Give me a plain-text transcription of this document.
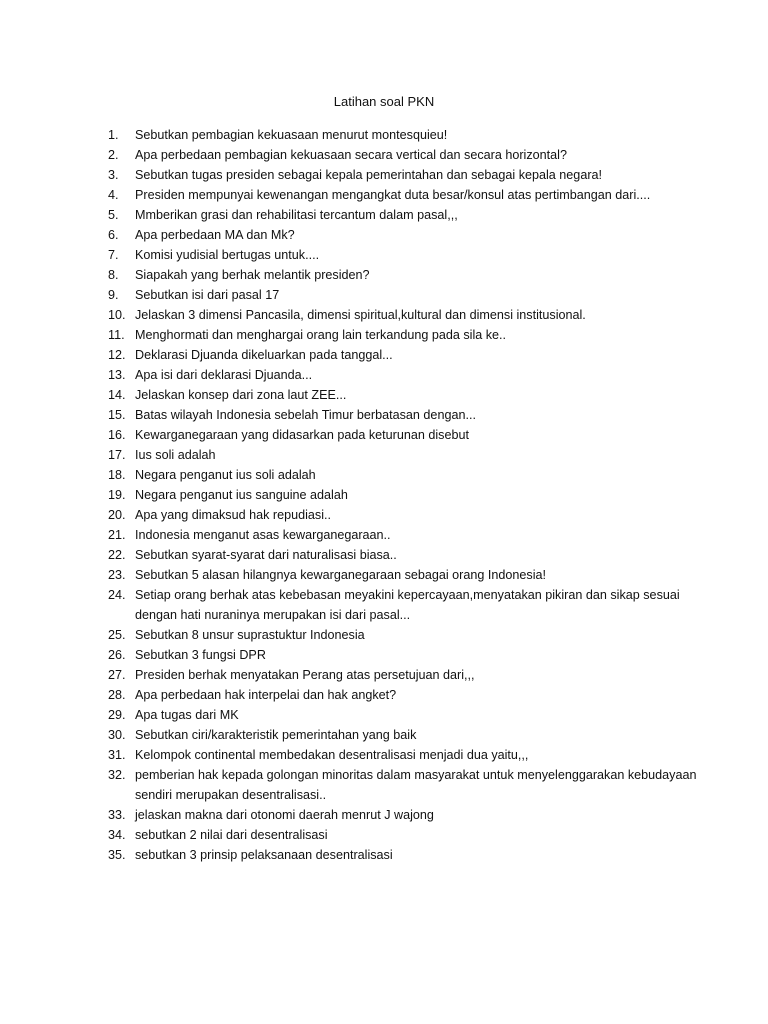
Latihan soal PKN
1.	Sebutkan pembagian kekuasaan menurut montesquieu!
2.	Apa perbedaan pembagian kekuasaan secara vertical dan secara horizontal?
3.	Sebutkan tugas presiden sebagai kepala pemerintahan dan sebagai kepala negara!
4.	Presiden mempunyai kewenangan mengangkat duta besar/konsul atas pertimbangan dari....
5.	Mmberikan grasi dan rehabilitasi tercantum dalam pasal,,,
6.	Apa perbedaan MA dan Mk?
7.	Komisi yudisial bertugas untuk....
8.	Siapakah yang berhak melantik presiden?
9.	Sebutkan isi dari pasal 17
10. Jelaskan 3 dimensi Pancasila, dimensi spiritual,kultural dan dimensi institusional.
11. Menghormati dan menghargai orang lain terkandung pada sila ke..
12. Deklarasi Djuanda dikeluarkan pada tanggal...
13. Apa isi dari deklarasi Djuanda...
14. Jelaskan konsep dari zona laut ZEE...
15. Batas wilayah Indonesia sebelah Timur berbatasan dengan...
16. Kewarganegaraan yang didasarkan pada keturunan disebut
17. Ius soli adalah
18. Negara penganut ius soli adalah
19. Negara penganut ius sanguine adalah
20. Apa yang dimaksud hak repudiasi..
21. Indonesia menganut asas kewarganegaraan..
22. Sebutkan syarat-syarat dari naturalisasi biasa..
23. Sebutkan 5 alasan hilangnya kewarganegaraan sebagai orang Indonesia!
24. Setiap orang berhak atas kebebasan meyakini kepercayaan,menyatakan pikiran dan sikap sesuai dengan hati nuraninya merupakan isi dari pasal...
25. Sebutkan 8 unsur suprastuktur Indonesia
26. Sebutkan 3 fungsi DPR
27. Presiden berhak menyatakan Perang atas persetujuan dari,,,
28. Apa perbedaan hak interpelai dan hak angket?
29. Apa tugas dari MK
30. Sebutkan ciri/karakteristik pemerintahan yang baik
31. Kelompok continental membedakan desentralisasi menjadi dua yaitu,,,
32. pemberian hak kepada golongan minoritas dalam masyarakat untuk menyelenggarakan kebudayaan sendiri merupakan desentralisasi..
33. jelaskan makna dari otonomi daerah menrut J wajong
34. sebutkan 2 nilai dari desentralisasi
35. sebutkan 3 prinsip pelaksanaan desentralisasi
